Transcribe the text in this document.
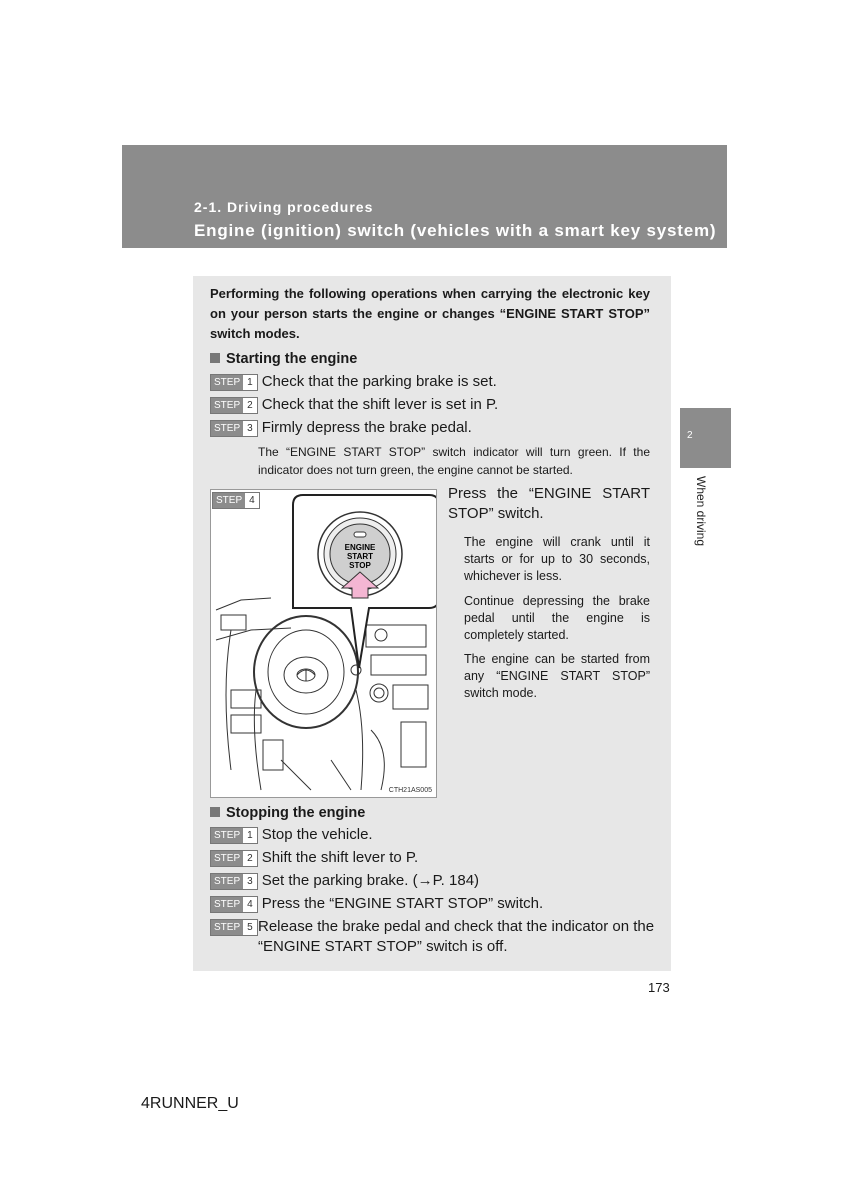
2-1. Driving procedures
Engine (ignition) switch (vehicles with a smart key system)
2
When driving
Performing the following operations when carrying the electronic key on your person starts the engine or changes “ENGINE START STOP” switch modes.
Starting the engine
STEP 1 Check that the parking brake is set.
STEP 2 Check that the shift lever is set in P.
STEP 3 Firmly depress the brake pedal.
The “ENGINE START STOP” switch indicator will turn green. If the indicator does not turn green, the engine cannot be started.
STEP 4
ENGINE
START
STOP
CTH21AS005
Press the “ENGINE START STOP” switch.
The engine will crank until it starts or for up to 30 seconds, whichever is less.
Continue depressing the brake pedal until the engine is completely started.
The engine can be started from any “ENGINE START STOP” switch mode.
Stopping the engine
STEP 1 Stop the vehicle.
STEP 2 Shift the shift lever to P.
STEP 3 Set the parking brake. (→P. 184)
STEP 4 Press the “ENGINE START STOP” switch.
STEP 5 Release the brake pedal and check that the indicator on the “ENGINE START STOP” switch is off.
173
4RUNNER_U
